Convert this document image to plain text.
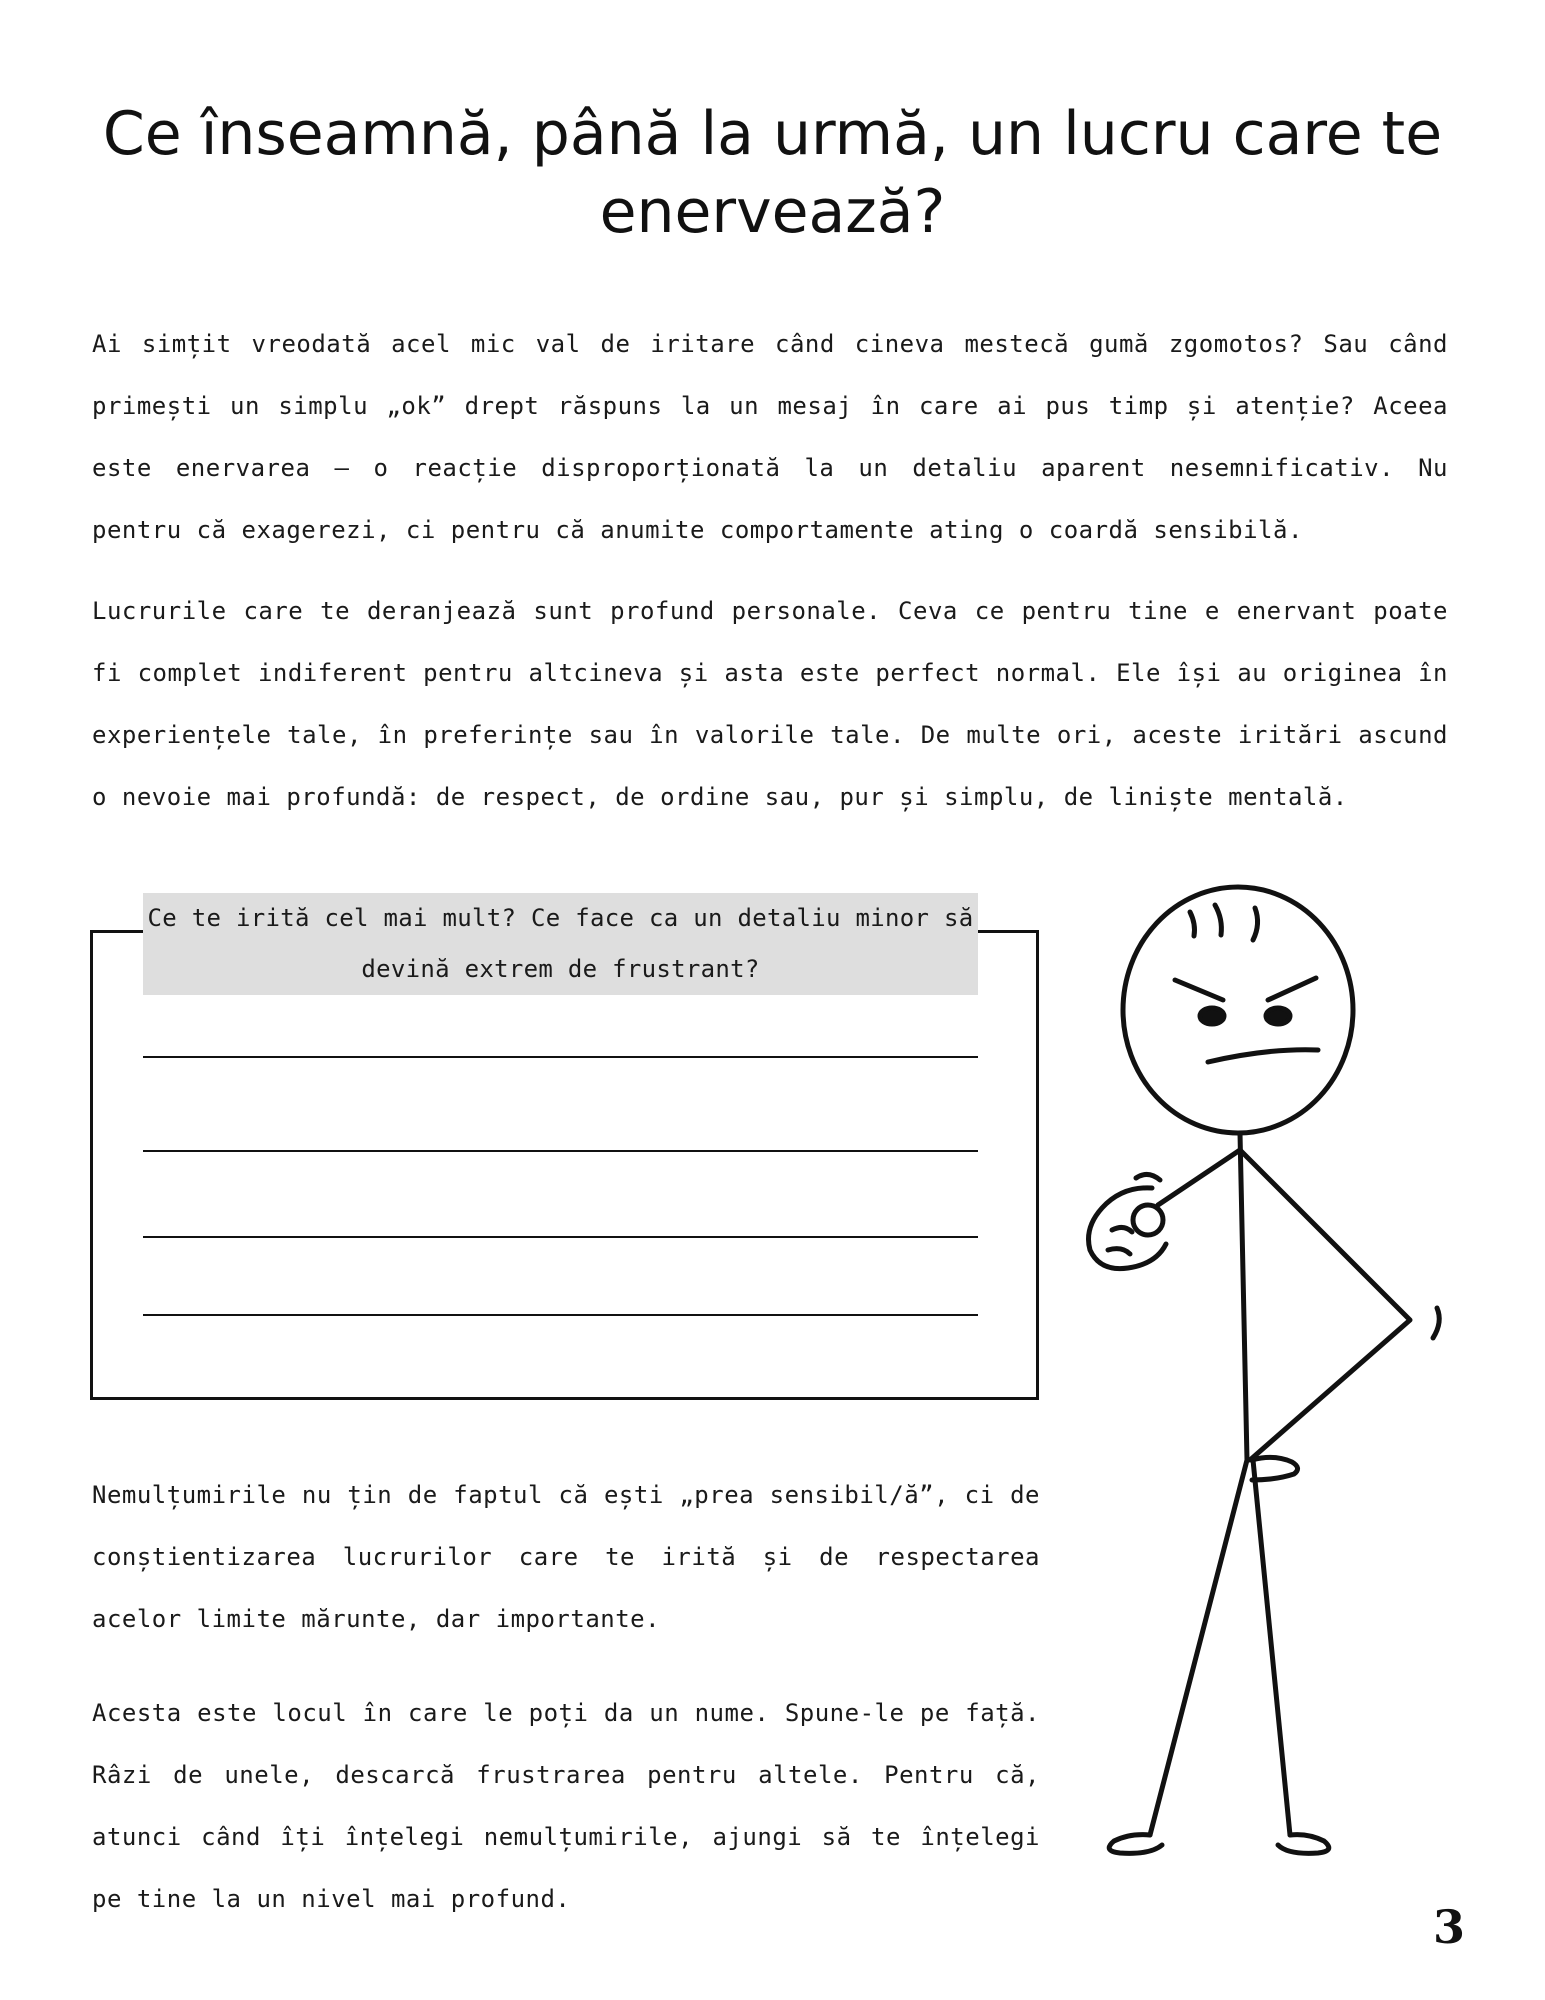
Ce înseamnă, până la urmă, un lucru care te enervează?

Ai simțit vreodată acel mic val de iritare când cineva mestecă gumă zgomotos? Sau când primești un simplu „ok” drept răspuns la un mesaj în care ai pus timp și atenție? Aceea este enervarea — o reacție disproporționată la un detaliu aparent nesemnificativ. Nu pentru că exagerezi, ci pentru că anumite comportamente ating o coardă sensibilă.

Lucrurile care te deranjează sunt profund personale. Ceva ce pentru tine e enervant poate fi complet indiferent pentru altcineva și asta este perfect normal. Ele își au originea în experiențele tale, în preferințe sau în valorile tale. De multe ori, aceste iritări ascund o nevoie mai profundă: de respect, de ordine sau, pur și simplu, de liniște mentală.

Ce te irită cel mai mult? Ce face ca un detaliu minor să devină extrem de frustrant?

Nemulțumirile nu țin de faptul că ești „prea sensibil/ă”, ci de conștientizarea lucrurilor care te irită și de respectarea acelor limite mărunte, dar importante.

Acesta este locul în care le poți da un nume. Spune-le pe față. Râzi de unele, descarcă frustrarea pentru altele. Pentru că, atunci când îți înțelegi nemulțumirile, ajungi să te înțelegi pe tine la un nivel mai profund.

3
